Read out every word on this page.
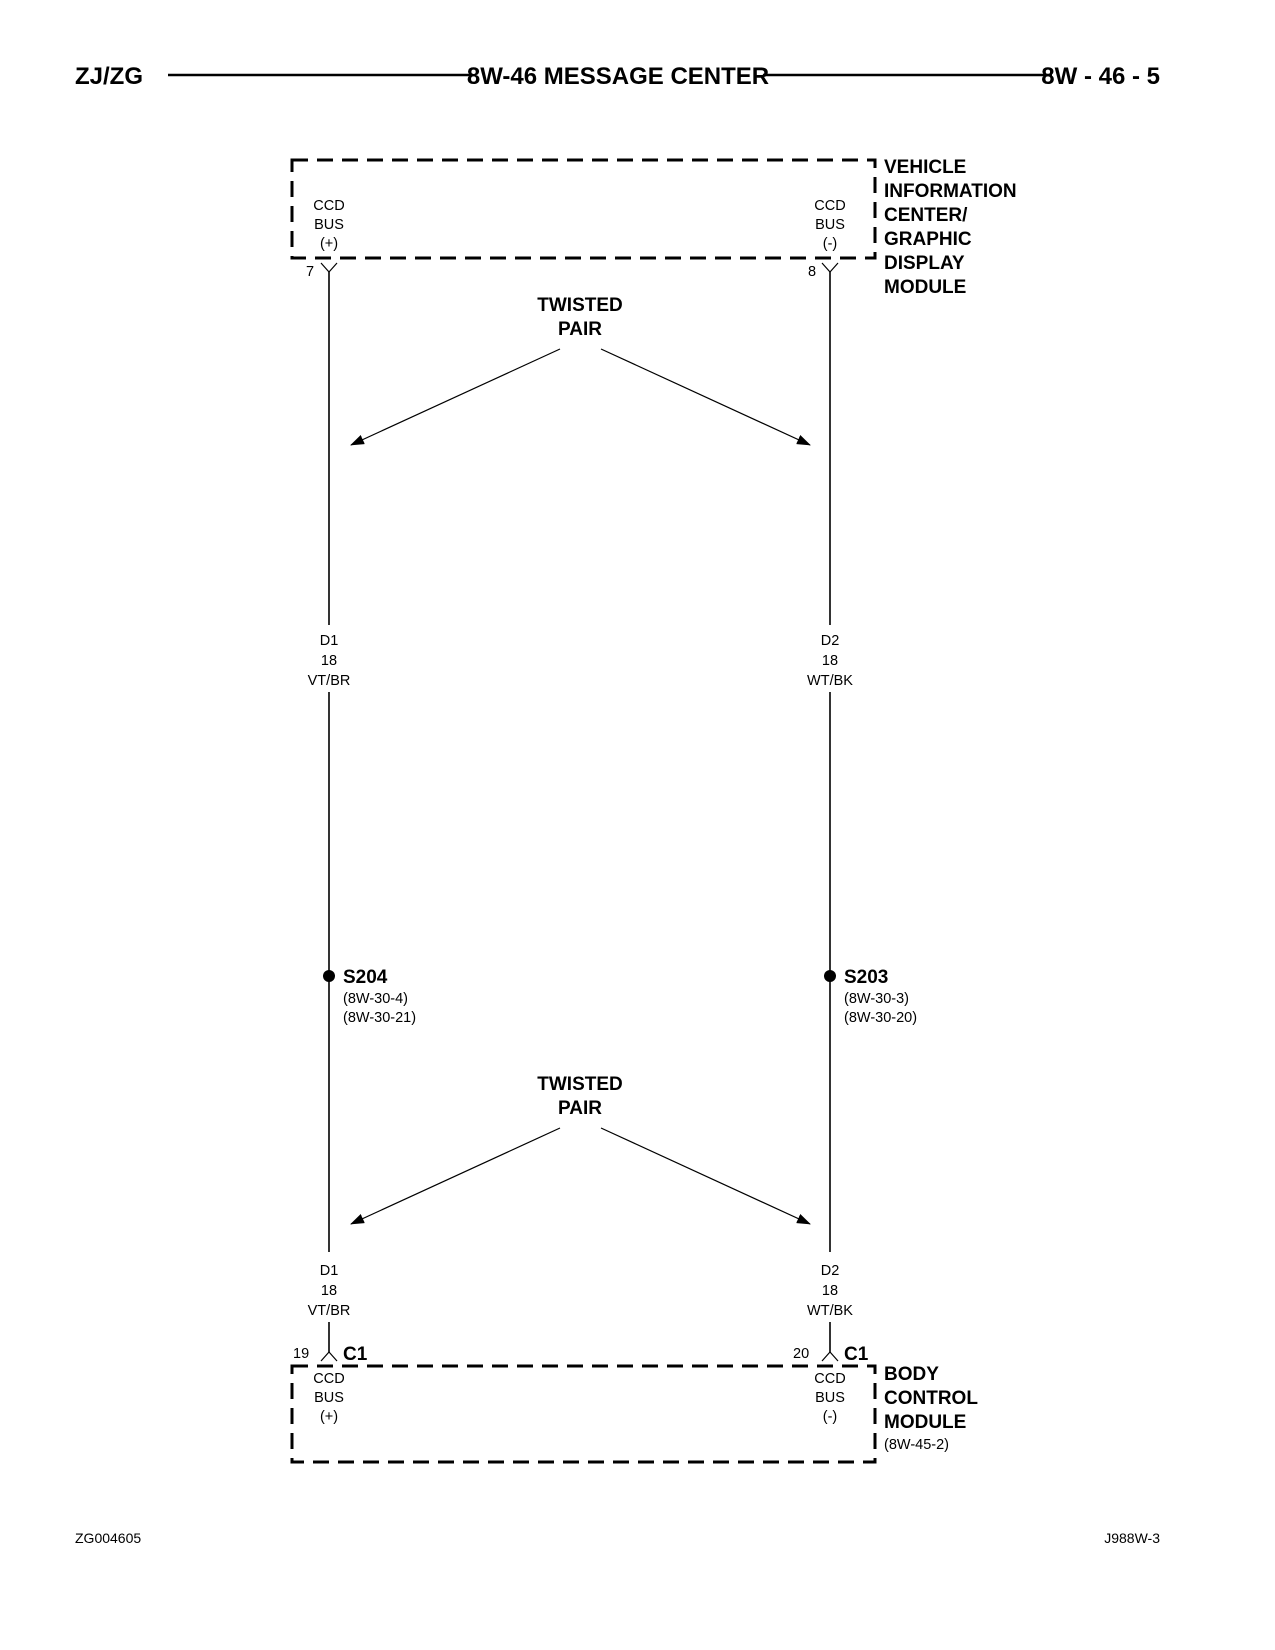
ZJ/ZG	8W-46 MESSAGE CENTER	8W - 46 - 5
CCD
BUS
(+)
CCD
BUS
(-)
VEHICLE
INFORMATION
CENTER/
GRAPHIC
DISPLAY
MODULE
7	8
TWISTED
PAIR
D1
18
VT/BR
D2
18
WT/BK
S204
(8W-30-4)
(8W-30-21)
S203
(8W-30-3)
(8W-30-20)
TWISTED
PAIR
D1
18
VT/BR
D2
18
WT/BK
19 C1	20 C1
CCD
BUS
(+)
CCD
BUS
(-)
BODY
CONTROL
MODULE
(8W-45-2)
ZG004605	J988W-3
